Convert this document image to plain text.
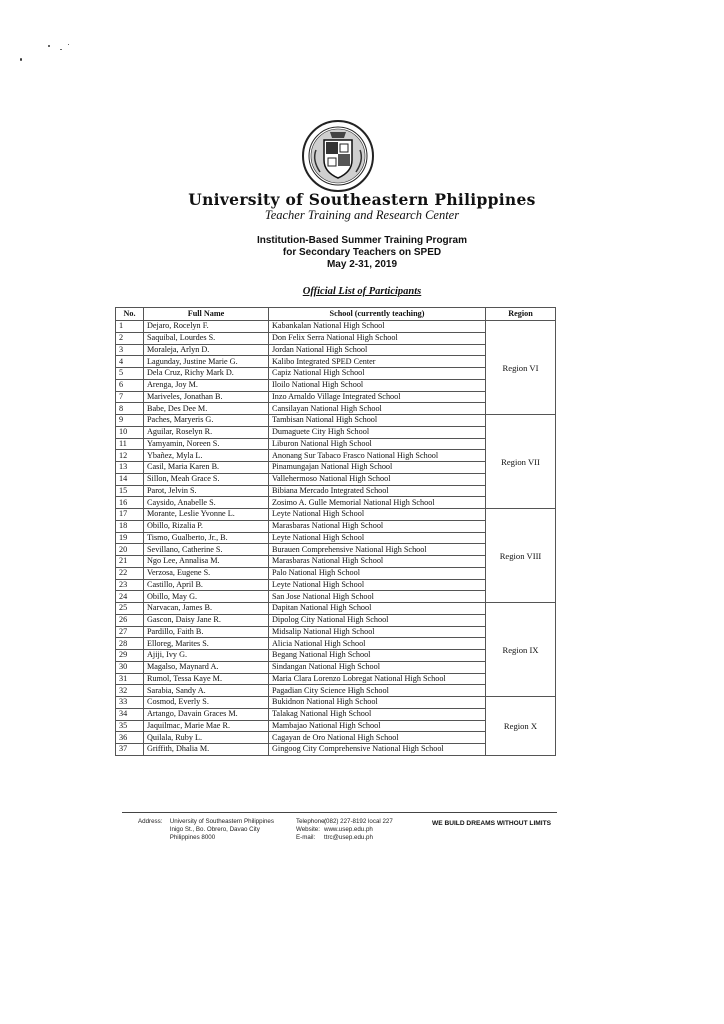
University of Southeastern Philippines
Teacher Training and Research Center
Institution-Based Summer Training Program
for Secondary Teachers on SPED
May 2-31, 2019
Official List of Participants
No.	Full Name	School (currently teaching)	Region
1	Dejaro, Rocelyn F.	Kabankalan National High School	Region VI
2	Saquibal, Lourdes S.	Don Felix Serra National High School	
3	Moraleja, Arlyn D.	Jordan National High School	
4	Lagunday, Justine Marie G.	Kalibo Integrated SPED Center	
5	Dela Cruz, Richy Mark D.	Capiz National High School	
6	Arenga, Joy M.	Iloilo National High School	
7	Mariveles, Jonathan B.	Inzo Arnaldo Village Integrated School	
8	Babe, Des Dee M.	Cansilayan National High School	
9	Paches, Maryeris G.	Tambisan National High School	Region VII
10	Aguilar, Roselyn R.	Dumaguete City High School	
11	Yamyamin, Noreen S.	Liburon National High School	
12	Ybañez, Myla L.	Anonang Sur Tabaco Frasco National High School	
13	Casil, Maria Karen B.	Pinamungajan National High School	
14	Sillon, Meah Grace S.	Vallehermoso National High School	
15	Parot, Jelvin S.	Bibiana Mercado Integrated School	
16	Caysido, Anabelle S.	Zosimo A. Gulle Memorial National High School	
17	Morante, Leslie Yvonne L.	Leyte National High School	Region VIII
18	Obillo, Rizalia P.	Marasbaras National High School	
19	Tismo, Gualberto, Jr., B.	Leyte National High School	
20	Sevillano, Catherine S.	Burauen Comprehensive National High School	
21	Ngo Lee, Annalisa M.	Marasbaras National High School	
22	Verzosa, Eugene S.	Palo National High School	
23	Castillo, April B.	Leyte National High School	
24	Obillo, May G.	San Jose National High School	
25	Narvacan, James B.	Dapitan National High School	Region IX
26	Gascon, Daisy Jane R.	Dipolog City National High School	
27	Pardillo, Faith B.	Midsalip National High School	
28	Elloreg, Marites S.	Alicia National High School	
29	Ajiji, Ivy G.	Begang National High School	
30	Magalso, Maynard A.	Sindangan National High School	
31	Rumol, Tessa Kaye M.	Maria Clara Lorenzo Lobregat National High School	
32	Sarabia, Sandy A.	Pagadian City Science High School	
33	Cosmod, Everly S.	Bukidnon National High School	Region X
34	Artango, Davain Graces M.	Talakag National High School	
35	Jaquilmac, Marie Mae R.	Mambajao National High School	
36	Quilala, Ruby L.	Cagayan de Oro National High School	
37	Griffith, Dhalia M.	Gingoog City Comprehensive National High School	
Address: University of Southeastern Philippines
Inigo St., Bo. Obrero, Davao City
Philippines 8000
Telephone:(082) 227-8192 local 227
Website: www.usep.edu.ph
E-mail: ttrc@usep.edu.ph
WE BUILD DREAMS WITHOUT LIMITS
